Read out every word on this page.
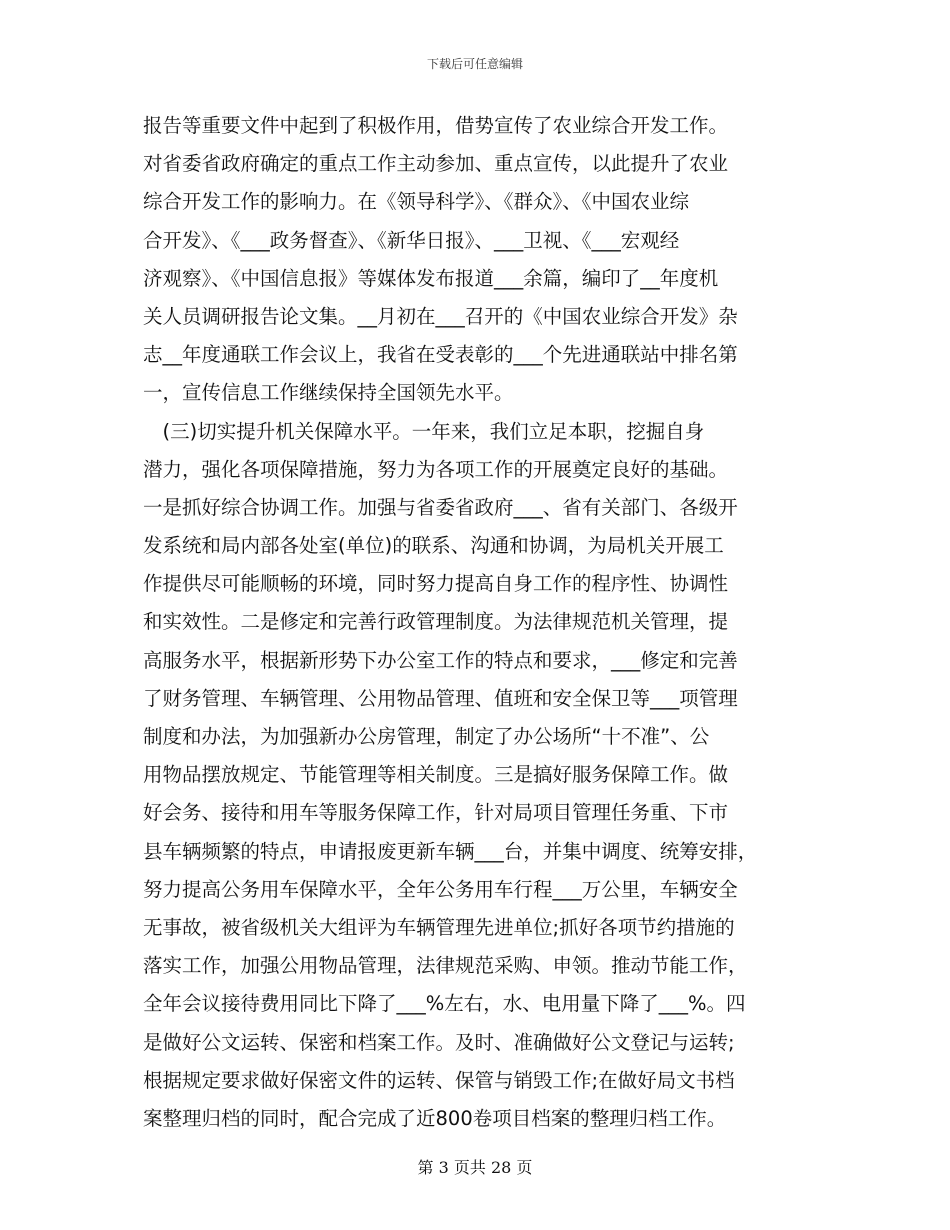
下载后可任意编辑
报告等重要文件中起到了积极作用，借势宣传了农业综合开发工作。
对省委省政府确定的重点工作主动参加、重点宣传，以此提升了农业
综合开发工作的影响力。在《领导科学》、《群众》、《中国农业综
合开发》、《___政务督查》、《新华日报》、___卫视、《___宏观经
济观察》、《中国信息报》等媒体发布报道___余篇，编印了__年度机
关人员调研报告论文集。__月初在___召开的《中国农业综合开发》杂
志__年度通联工作会议上，我省在受表彰的___个先进通联站中排名第
一，宣传信息工作继续保持全国领先水平。
　(三)切实提升机关保障水平。一年来，我们立足本职，挖掘自身
潜力，强化各项保障措施，努力为各项工作的开展奠定良好的基础。
一是抓好综合协调工作。加强与省委省政府___、省有关部门、各级开
发系统和局内部各处室(单位)的联系、沟通和协调，为局机关开展工
作提供尽可能顺畅的环境，同时努力提高自身工作的程序性、协调性
和实效性。二是修定和完善行政管理制度。为法律规范机关管理，提
高服务水平，根据新形势下办公室工作的特点和要求，___修定和完善
了财务管理、车辆管理、公用物品管理、值班和安全保卫等___项管理
制度和办法，为加强新办公房管理，制定了办公场所“十不准”、公
用物品摆放规定、节能管理等相关制度。三是搞好服务保障工作。做
好会务、接待和用车等服务保障工作，针对局项目管理任务重、下市
县车辆频繁的特点，申请报废更新车辆___台，并集中调度、统筹安排，
努力提高公务用车保障水平，全年公务用车行程___万公里，车辆安全
无事故，被省级机关大组评为车辆管理先进单位;抓好各项节约措施的
落实工作，加强公用物品管理，法律规范采购、申领。推动节能工作，
全年会议接待费用同比下降了___%左右，水、电用量下降了___%。四
是做好公文运转、保密和档案工作。及时、准确做好公文登记与运转;
根据规定要求做好保密文件的运转、保管与销毁工作;在做好局文书档
案整理归档的同时，配合完成了近800卷项目档案的整理归档工作。
第 3 页共 28 页
